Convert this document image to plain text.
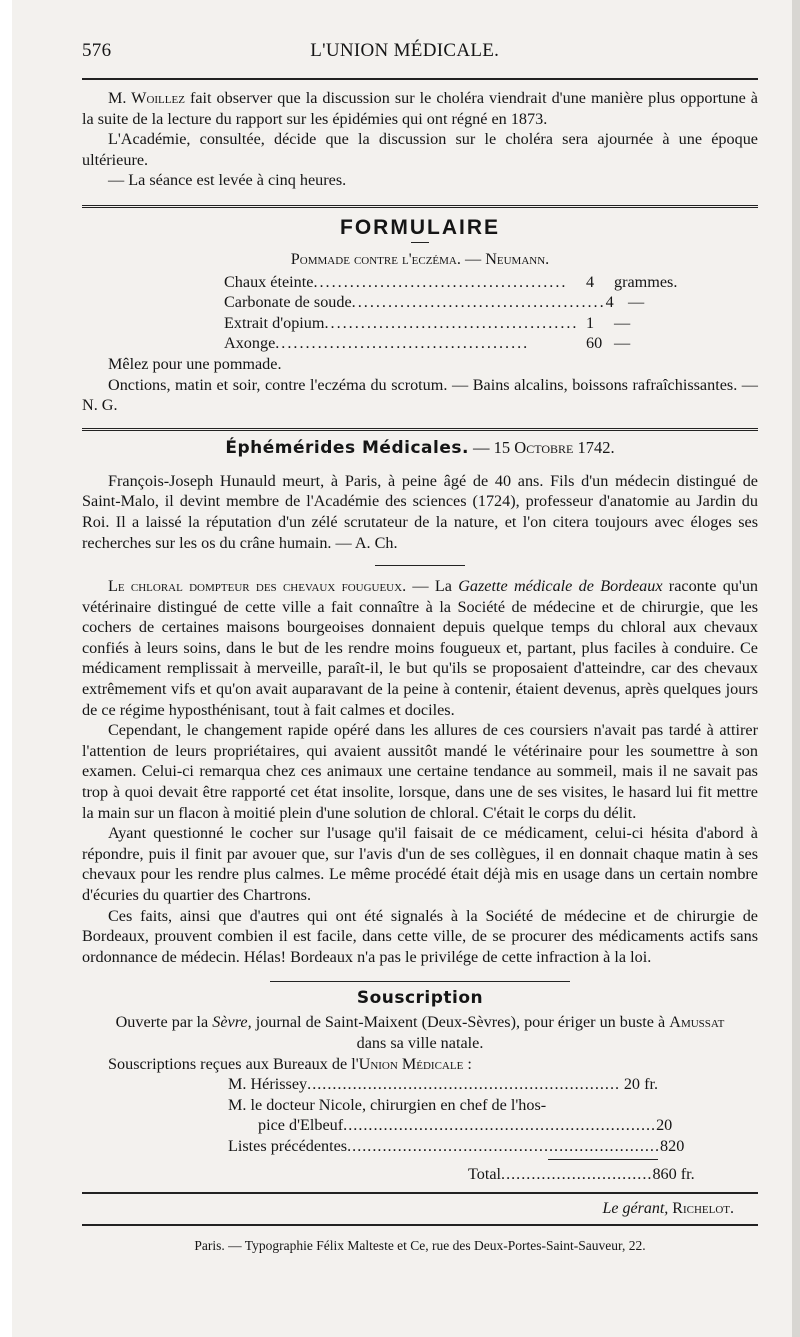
576	L'UNION MÉDICALE.

M. Woillez fait observer que la discussion sur le choléra viendrait d'une manière plus opportune à la suite de la lecture du rapport sur les épidémies qui ont régné en 1873.

L'Académie, consultée, décide que la discussion sur le choléra sera ajournée à une époque ultérieure.

— La séance est levée à cinq heures.

FORMULAIRE

Pommade contre l'eczéma. — Neumann.

Chaux éteinte ..........................................	4	grammes.
Carbonate de soude .......................................... 4 —
Extrait d'opium .......................................... 1	—
Axonge ..........................................	60 —

Mêlez pour une pommade.

Onctions, matin et soir, contre l'eczéma du scrotum. — Bains alcalins, boissons rafraîchissantes. — N. G.

Éphémérides Médicales. — 15 Octobre 1742.

François-Joseph Hunauld meurt, à Paris, à peine âgé de 40 ans. Fils d'un médecin distingué de Saint-Malo, il devint membre de l'Académie des sciences (1724), professeur d'anatomie au Jardin du Roi. Il a laissé la réputation d'un zélé scrutateur de la nature, et l'on citera toujours avec éloges ses recherches sur les os du crâne humain. — A. Ch.

Le chloral dompteur des chevaux fougueux. — La Gazette médicale de Bordeaux raconte qu'un vétérinaire distingué de cette ville a fait connaître à la Société de médecine et de chirurgie, que les cochers de certaines maisons bourgeoises donnaient depuis quelque temps du chloral aux chevaux confiés à leurs soins, dans le but de les rendre moins fougueux et, partant, plus faciles à conduire. Ce médicament remplissait à merveille, paraît-il, le but qu'ils se proposaient d'atteindre, car des chevaux extrêmement vifs et qu'on avait auparavant de la peine à contenir, étaient devenus, après quelques jours de ce régime hyposthénisant, tout à fait calmes et dociles.

Cependant, le changement rapide opéré dans les allures de ces coursiers n'avait pas tardé à attirer l'attention de leurs propriétaires, qui avaient aussitôt mandé le vétérinaire pour les soumettre à son examen. Celui-ci remarqua chez ces animaux une certaine tendance au sommeil, mais il ne savait pas trop à quoi devait être rapporté cet état insolite, lorsque, dans une de ses visites, le hasard lui fit mettre la main sur un flacon à moitié plein d'une solution de chloral. C'était le corps du délit.

Ayant questionné le cocher sur l'usage qu'il faisait de ce médicament, celui-ci hésita d'abord à répondre, puis il finit par avouer que, sur l'avis d'un de ses collègues, il en donnait chaque matin à ses chevaux pour les rendre plus calmes. Le même procédé était déjà mis en usage dans un certain nombre d'écuries du quartier des Chartrons.

Ces faits, ainsi que d'autres qui ont été signalés à la Société de médecine et de chirurgie de Bordeaux, prouvent combien il est facile, dans cette ville, de se procurer des médicaments actifs sans ordonnance de médecin. Hélas! Bordeaux n'a pas le privilége de cette infraction à la loi.

Souscription

Ouverte par la Sèvre, journal de Saint-Maixent (Deux-Sèvres), pour ériger un buste à Amussat

dans sa ville natale.

Souscriptions reçues aux Bureaux de l'Union Médicale :

M. Hérissey .............................................................. 20 fr.
M. le docteur Nicole, chirurgien en chef de l'hos-
pice d'Elbeuf .............................................................. 20
Listes précédentes .............................................................. 820
Total .............................. 860 fr.

Le gérant, Richelot.

Paris. — Typographie Félix Malteste et Ce, rue des Deux-Portes-Saint-Sauveur, 22.
